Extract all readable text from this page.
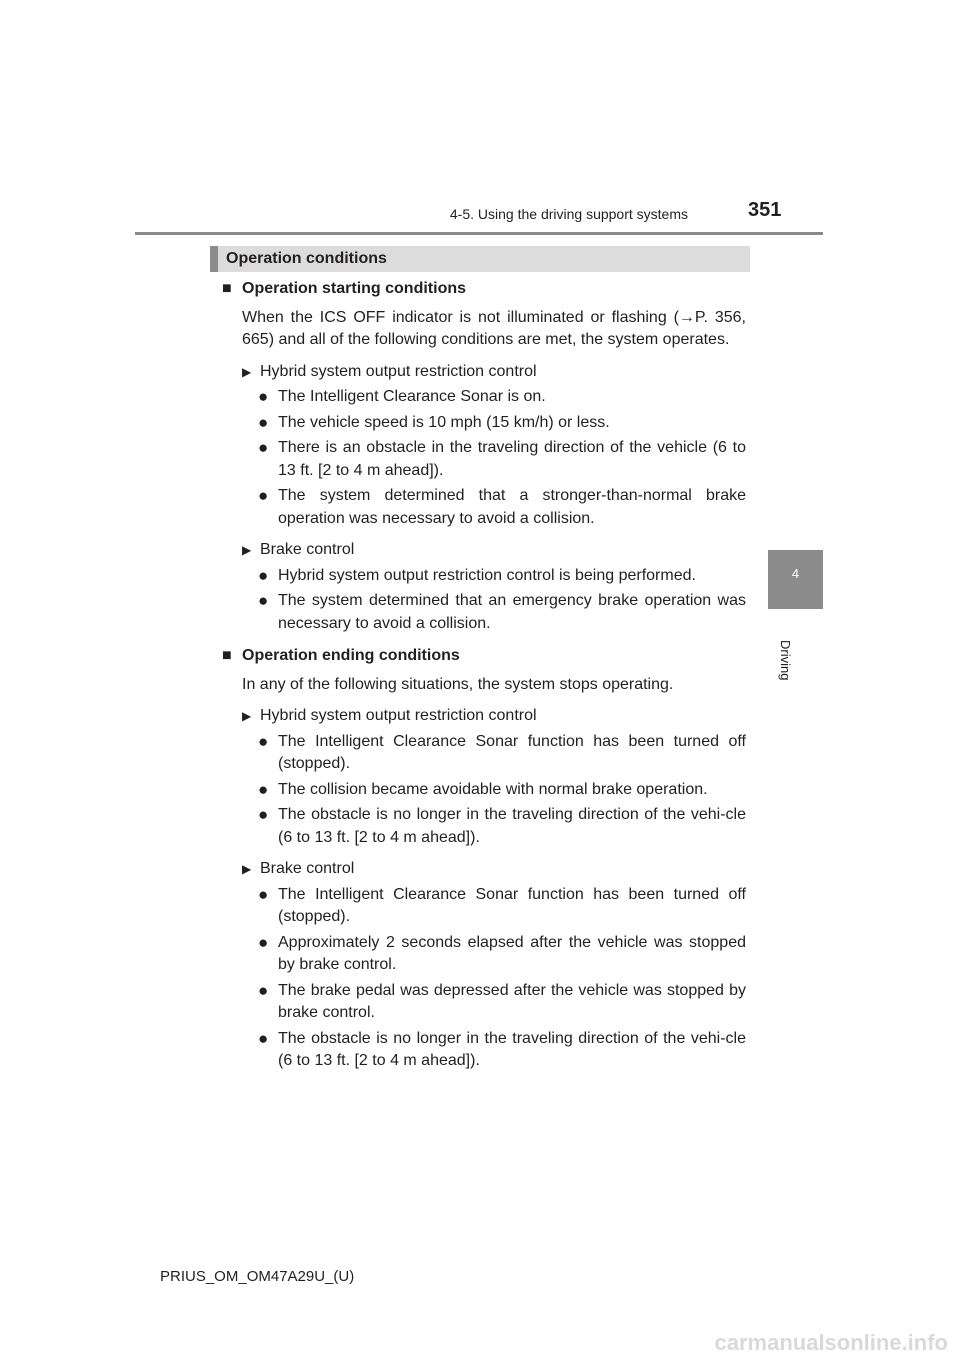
4-5. Using the driving support systems	351
4
Driving
Operation conditions
■ Operation starting conditions
When the ICS OFF indicator is not illuminated or flashing (→P. 356, 665) and all of the following conditions are met, the system operates.
▶ Hybrid system output restriction control
● The Intelligent Clearance Sonar is on.
● The vehicle speed is 10 mph (15 km/h) or less.
● There is an obstacle in the traveling direction of the vehicle (6 to 13 ft. [2 to 4 m ahead]).
● The system determined that a stronger-than-normal brake operation was necessary to avoid a collision.
▶ Brake control
● Hybrid system output restriction control is being performed.
● The system determined that an emergency brake operation was necessary to avoid a collision.
■ Operation ending conditions
In any of the following situations, the system stops operating.
▶ Hybrid system output restriction control
● The Intelligent Clearance Sonar function has been turned off (stopped).
● The collision became avoidable with normal brake operation.
● The obstacle is no longer in the traveling direction of the vehi-cle (6 to 13 ft. [2 to 4 m ahead]).
▶ Brake control
● The Intelligent Clearance Sonar function has been turned off (stopped).
● Approximately 2 seconds elapsed after the vehicle was stopped by brake control.
● The brake pedal was depressed after the vehicle was stopped by brake control.
● The obstacle is no longer in the traveling direction of the vehi-cle (6 to 13 ft. [2 to 4 m ahead]).
PRIUS_OM_OM47A29U_(U)
carmanualsonline.info
